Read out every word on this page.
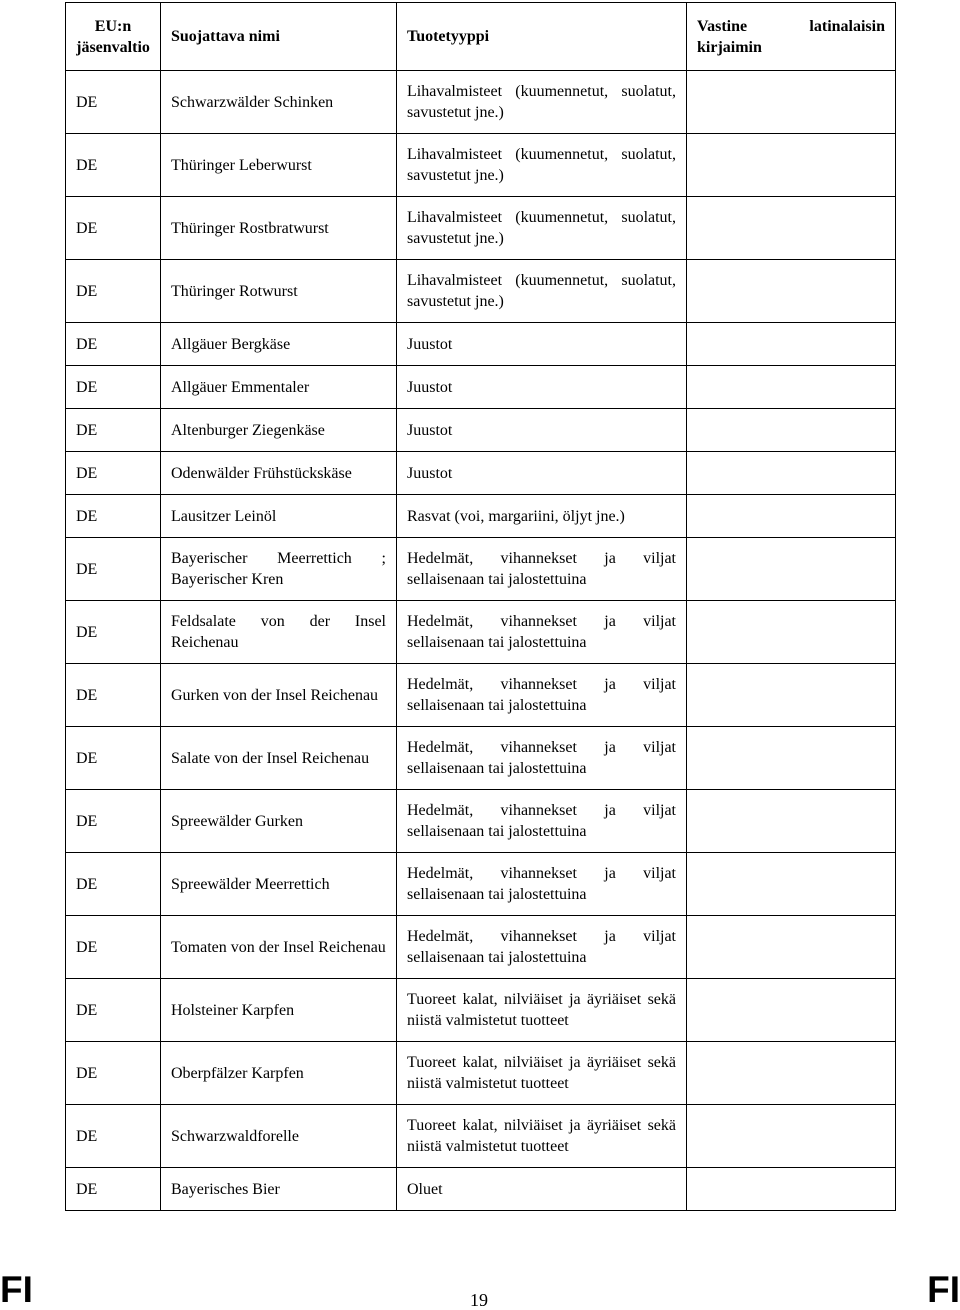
EU:n jäsenvaltio	Suojattava nimi	Tuotetyyppi	Vastine latinalaisin kirjaimin
DE	Schwarzwälder Schinken	Lihavalmisteet (kuumennetut, suolatut, savustetut jne.)	
DE	Thüringer Leberwurst	Lihavalmisteet (kuumennetut, suolatut, savustetut jne.)	
DE	Thüringer Rostbratwurst	Lihavalmisteet (kuumennetut, suolatut, savustetut jne.)	
DE	Thüringer Rotwurst	Lihavalmisteet (kuumennetut, suolatut, savustetut jne.)	
DE	Allgäuer Bergkäse	Juustot	
DE	Allgäuer Emmentaler	Juustot	
DE	Altenburger Ziegenkäse	Juustot	
DE	Odenwälder Frühstückskäse	Juustot	
DE	Lausitzer Leinöl	Rasvat (voi, margariini, öljyt jne.)	
DE	Bayerischer Meerrettich ; Bayerischer Kren	Hedelmät, vihannekset ja viljat sellaisenaan tai jalostettuina	
DE	Feldsalate von der Insel Reichenau	Hedelmät, vihannekset ja viljat sellaisenaan tai jalostettuina	
DE	Gurken von der Insel Reichenau	Hedelmät, vihannekset ja viljat sellaisenaan tai jalostettuina	
DE	Salate von der Insel Reichenau	Hedelmät, vihannekset ja viljat sellaisenaan tai jalostettuina	
DE	Spreewälder Gurken	Hedelmät, vihannekset ja viljat sellaisenaan tai jalostettuina	
DE	Spreewälder Meerrettich	Hedelmät, vihannekset ja viljat sellaisenaan tai jalostettuina	
DE	Tomaten von der Insel Reichenau	Hedelmät, vihannekset ja viljat sellaisenaan tai jalostettuina	
DE	Holsteiner Karpfen	Tuoreet kalat, nilviäiset ja äyriäiset sekä niistä valmistetut tuotteet	
DE	Oberpfälzer Karpfen	Tuoreet kalat, nilviäiset ja äyriäiset sekä niistä valmistetut tuotteet	
DE	Schwarzwaldforelle	Tuoreet kalat, nilviäiset ja äyriäiset sekä niistä valmistetut tuotteet	
DE	Bayerisches Bier	Oluet	
FI	19	FI
